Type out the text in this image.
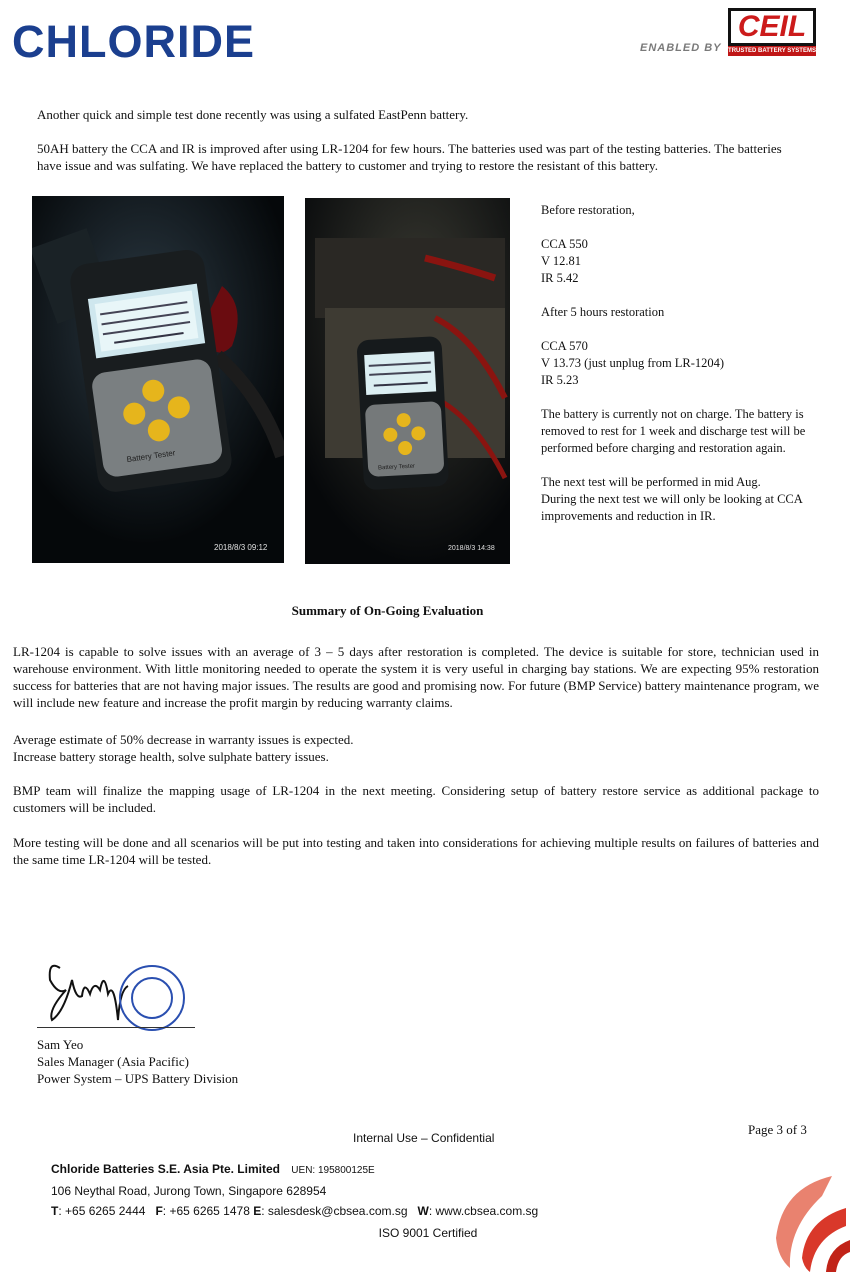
CHLORIDE	ENABLED BY
CEIL
TRUSTED BATTERY SYSTEMS
Another quick and simple test done recently was using a sulfated EastPenn battery.
50AH battery the CCA and IR is improved after using LR-1204 for few hours. The batteries used was part of the testing batteries. The batteries
have issue and was sulfating. We have replaced the battery to customer and trying to restore the resistant of this battery.
Battery Tester
2018/8/3 09:12
Battery Tester
2018/8/3 14:38
Before restoration,
CCA 550
V 12.81
IR 5.42
After 5 hours restoration
CCA 570
V 13.73 (just unplug from LR-1204)
IR 5.23
The battery is currently not on charge. The battery is
removed to rest for 1 week and discharge test will be
performed before charging and restoration again.
The next test will be performed in mid Aug.
During the next test we will only be looking at CCA
improvements and reduction in IR.
Summary of On-Going Evaluation
LR-1204 is capable to solve issues with an average of 3 – 5 days after restoration is completed. The device is suitable for store, technician used in warehouse environment. With little monitoring needed to operate the system it is very useful in charging bay stations. We are expecting 95% restoration success for batteries that are not having major issues. The results are good and promising now. For future (BMP Service) battery maintenance program, we will include new feature and increase the profit margin by reducing warranty claims.
Average estimate of 50% decrease in warranty issues is expected.
Increase battery storage health, solve sulphate battery issues.
BMP team will finalize the mapping usage of LR-1204 in the next meeting. Considering setup of battery restore service as additional package to customers will be included.
More testing will be done and all scenarios will be put into testing and taken into considerations for achieving multiple results on failures of batteries and the same time LR-1204 will be tested.
Sam Yeo
Sales Manager (Asia Pacific)
Power System – UPS Battery Division
Page 3 of 3
Internal Use – Confidential
Chloride Batteries S.E. Asia Pte. Limited UEN: 195800125E
106 Neythal Road, Jurong Town, Singapore 628954
T: +65 6265 2444 F: +65 6265 1478 E: salesdesk@cbsea.com.sg W: www.cbsea.com.sg
ISO 9001 Certified
